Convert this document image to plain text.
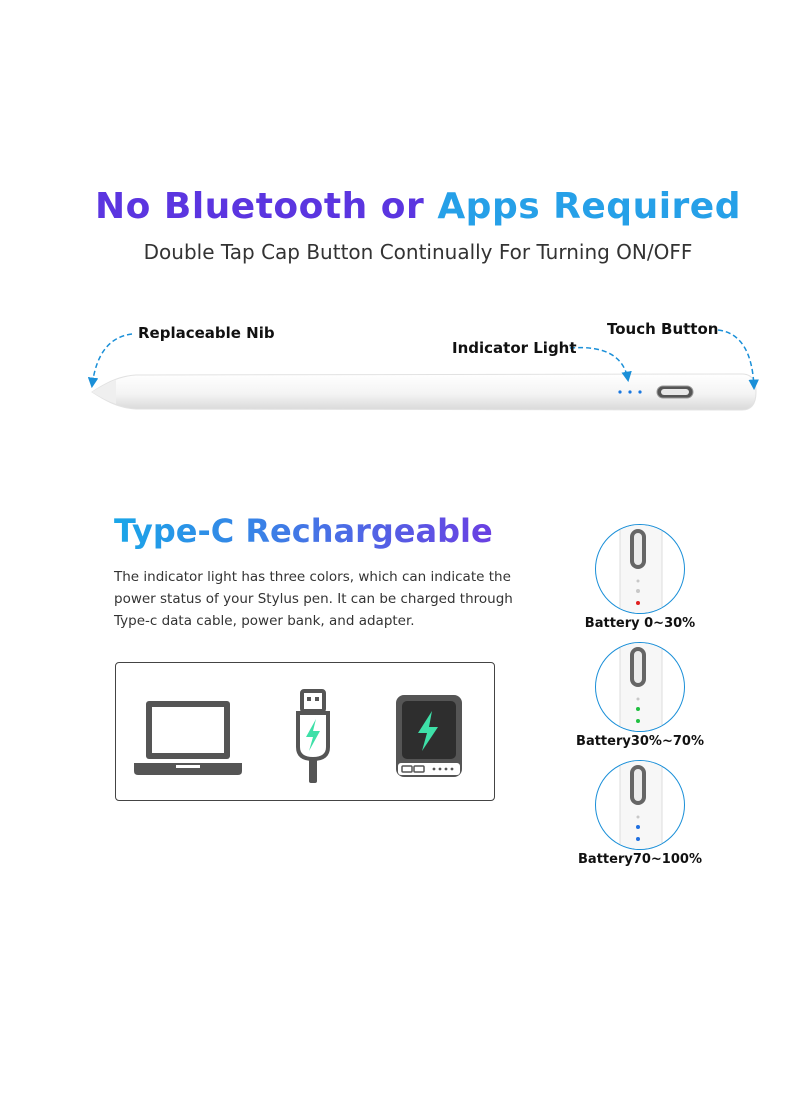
No Bluetooth or Apps Required
Double Tap Cap Button Continually For Turning ON/OFF
Replaceable Nib
Indicator Light
Touch Button
Type-C Rechargeable
The indicator light has three colors, which can indicate the power status of your Stylus pen. It can be charged through Type-c data cable, power bank, and adapter.	Battery 0~30%
Battery30%~70%
Battery70~100%
